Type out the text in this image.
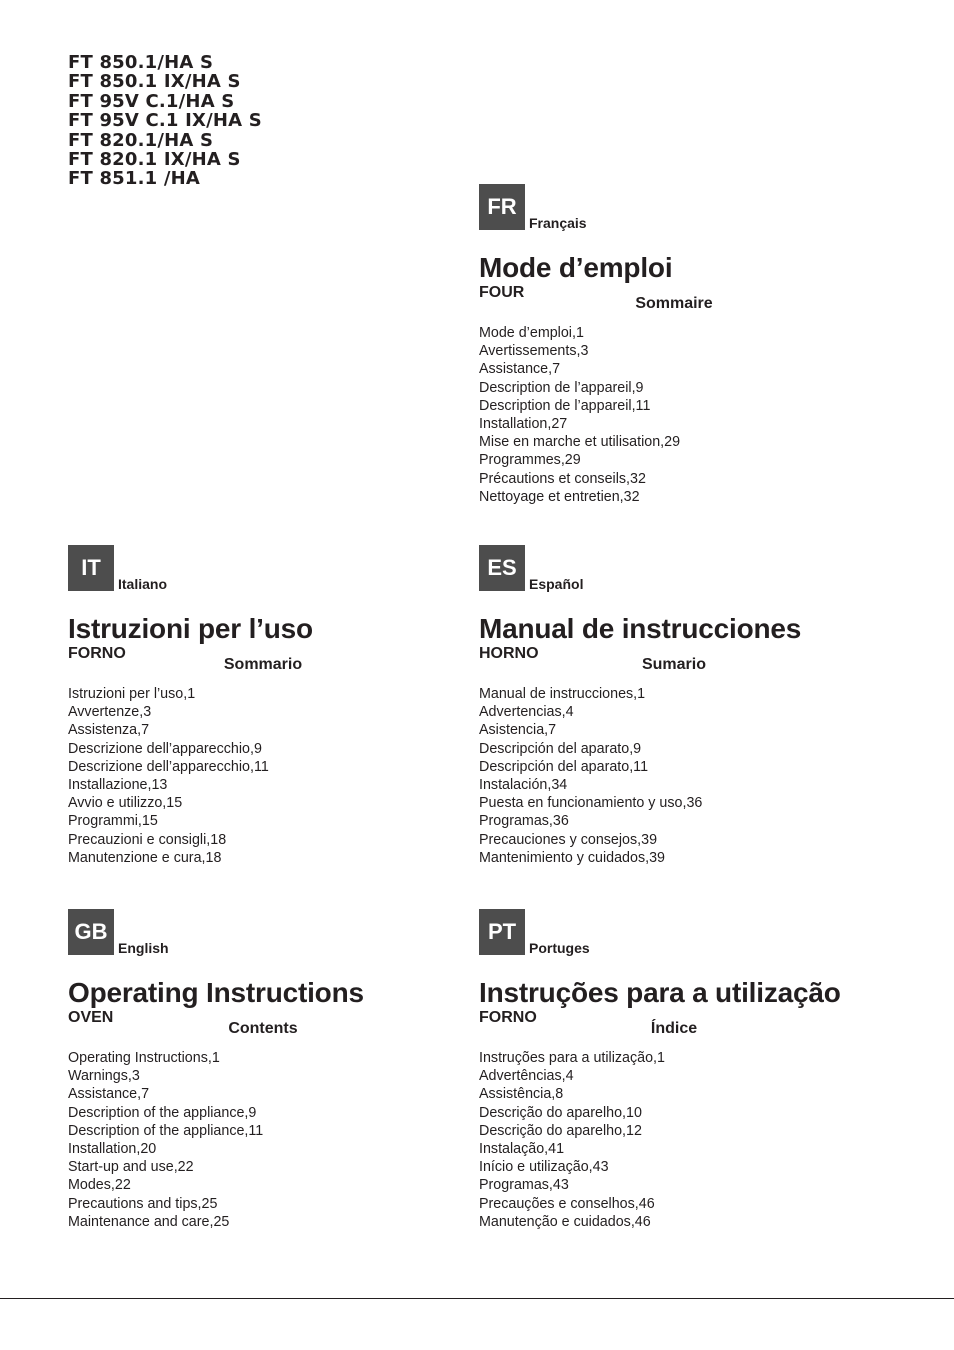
FT 850.1/HA S
FT 850.1 IX/HA S
FT 95V C.1/HA S
FT 95V C.1 IX/HA S
FT 820.1/HA S
FT 820.1 IX/HA S
FT 851.1 /HA
FR
Français
Mode d’emploi
FOUR
Sommaire
Mode d’emploi,1
Avertissements,3
Assistance,7
Description de l’appareil,9
Description de l’appareil,11
Installation,27
Mise en marche et utilisation,29
Programmes,29
Précautions et conseils,32
Nettoyage et entretien,32
IT
Italiano
Istruzioni per l’uso
FORNO
Sommario
Istruzioni per l’uso,1
Avvertenze,3
Assistenza,7
Descrizione dell’apparecchio,9
Descrizione dell’apparecchio,11
Installazione,13
Avvio e utilizzo,15
Programmi,15
Precauzioni e consigli,18
Manutenzione e cura,18
ES
Español
Manual de instrucciones
HORNO
Sumario
Manual de instrucciones,1
Advertencias,4
Asistencia,7
Descripción del aparato,9
Descripción del aparato,11
Instalación,34
Puesta en funcionamiento y uso,36
Programas,36
Precauciones y consejos,39
Mantenimiento y cuidados,39
GB
English
Operating Instructions
OVEN
Contents
Operating Instructions,1
Warnings,3
Assistance,7
Description of the appliance,9
Description of the appliance,11
Installation,20
Start-up and use,22
Modes,22
Precautions and tips,25
Maintenance and care,25
PT
Portuges
Instruções para a utilização
FORNO
Índice
Instruções para a utilização,1
Advertências,4
Assistência,8
Descrição do aparelho,10
Descrição do aparelho,12
Instalação,41
Início e utilização,43
Programas,43
Precauções e conselhos,46
Manutenção e cuidados,46
